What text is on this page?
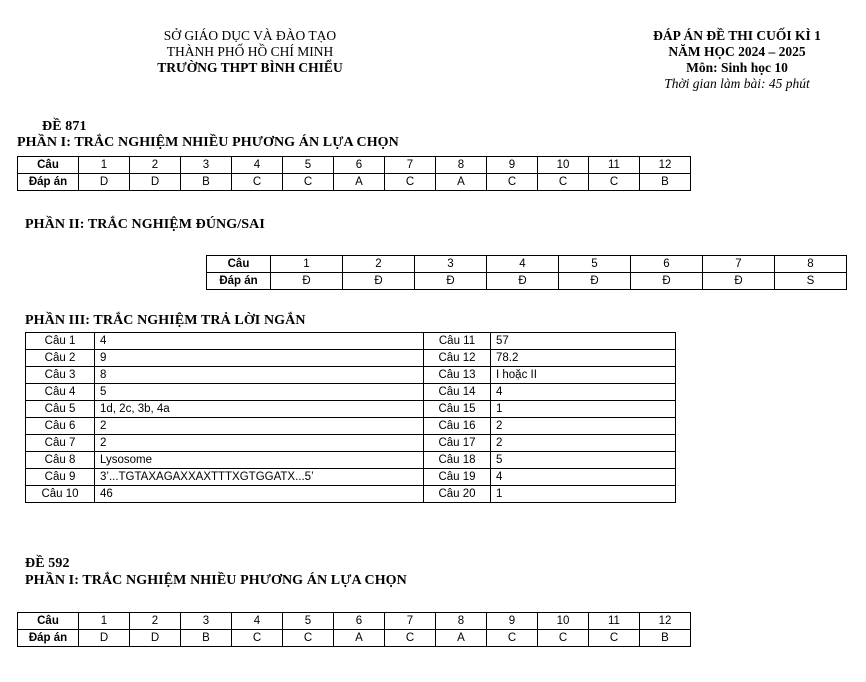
SỞ GIÁO DỤC VÀ ĐÀO TẠO
THÀNH PHỐ HỒ CHÍ MINH
TRƯỜNG THPT BÌNH CHIỂU
ĐÁP ÁN ĐỀ THI CUỐI KÌ 1
NĂM HỌC 2024 – 2025
Môn: Sinh học 10
Thời gian làm bài: 45 phút
ĐỀ 871
PHẦN I: TRẮC NGHIỆM NHIỀU PHƯƠNG ÁN LỰA CHỌN
Câu	1	2	3	4	5	6	7	8	9	10	11	12
Đáp án	D	D	B	C	C	A	C	A	C	C	C	B
PHẦN II: TRẮC NGHIỆM ĐÚNG/SAI
Câu	1	2	3	4	5	6	7	8
Đáp án	Đ	Đ	Đ	Đ	Đ	Đ	Đ	S
PHẦN III: TRẮC NGHIỆM TRẢ LỜI NGẮN
Câu 1	4	Câu 11	57
Câu 2	9	Câu 12	78.2
Câu 3	8	Câu 13	I hoặc II
Câu 4	5	Câu 14	4
Câu 5	1d, 2c, 3b, 4a	Câu 15	1
Câu 6	2	Câu 16	2
Câu 7	2	Câu 17	2
Câu 8	Lysosome	Câu 18	5
Câu 9	3’...TGTAXAGAXXAXTTTXGTGGATX...5’	Câu 19	4
Câu 10	46	Câu 20	1
ĐỀ 592
PHẦN I: TRẮC NGHIỆM NHIỀU PHƯƠNG ÁN LỰA CHỌN
Câu	1	2	3	4	5	6	7	8	9	10	11	12
Đáp án	D	D	B	C	C	A	C	A	C	C	C	B
